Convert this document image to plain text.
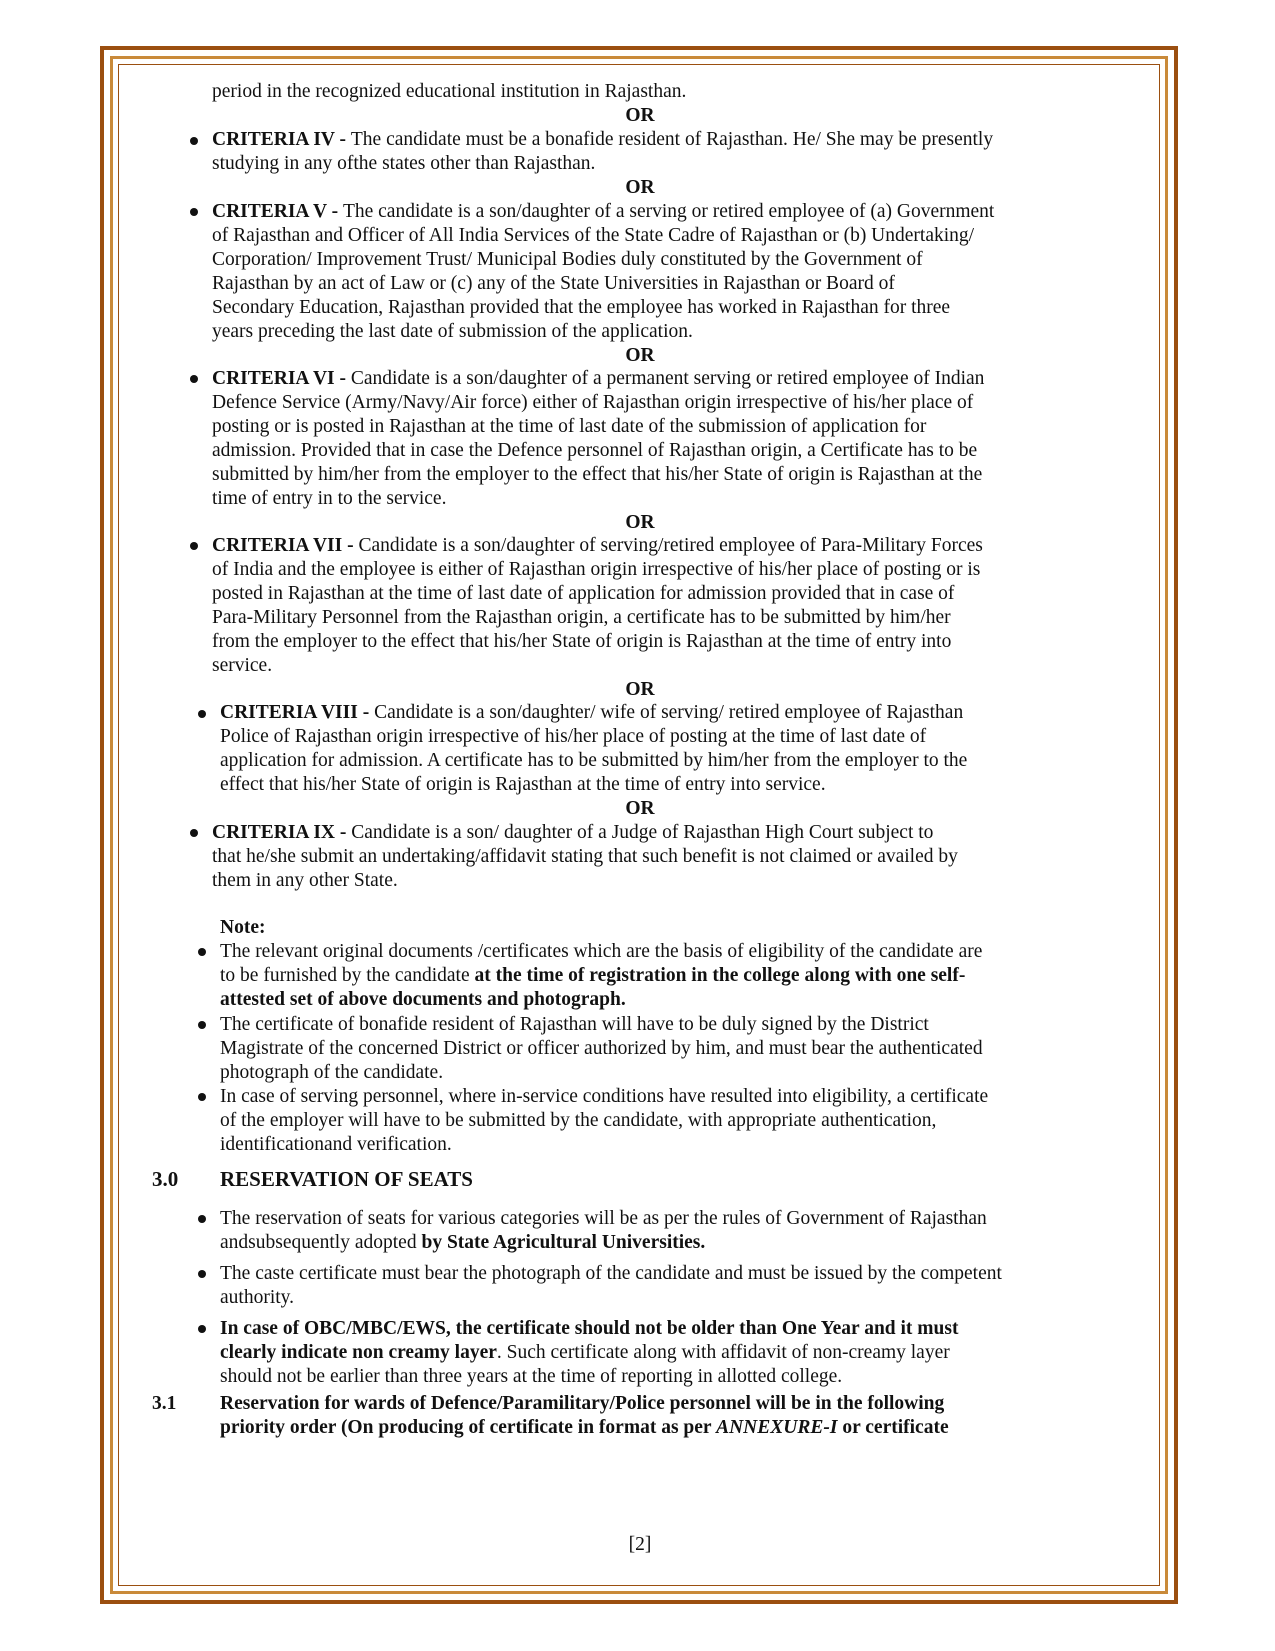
period in the recognized educational institution in Rajasthan.
OR
CRITERIA IV - The candidate must be a bonafide resident of Rajasthan. He/ She may be presently
studying in any ofthe states other than Rajasthan.
OR
CRITERIA V - The candidate is a son/daughter of a serving or retired employee of (a) Government
of Rajasthan and Officer of All India Services of the State Cadre of Rajasthan or (b) Undertaking/
Corporation/ Improvement Trust/ Municipal Bodies duly constituted by the Government of
Rajasthan by an act of Law or (c) any of the State Universities in Rajasthan or Board of
Secondary Education, Rajasthan provided that the employee has worked in Rajasthan for three
years preceding the last date of submission of the application.
OR
CRITERIA VI - Candidate is a son/daughter of a permanent serving or retired employee of Indian
Defence Service (Army/Navy/Air force) either of Rajasthan origin irrespective of his/her place of
posting or is posted in Rajasthan at the time of last date of the submission of application for
admission. Provided that in case the Defence personnel of Rajasthan origin, a Certificate has to be
submitted by him/her from the employer to the effect that his/her State of origin is Rajasthan at the
time of entry in to the service.
OR
CRITERIA VII - Candidate is a son/daughter of serving/retired employee of Para-Military Forces
of India and the employee is either of Rajasthan origin irrespective of his/her place of posting or is
posted in Rajasthan at the time of last date of application for admission provided that in case of
Para-Military Personnel from the Rajasthan origin, a certificate has to be submitted by him/her
from the employer to the effect that his/her State of origin is Rajasthan at the time of entry into
service.
OR
CRITERIA VIII - Candidate is a son/daughter/ wife of serving/ retired employee of Rajasthan
Police of Rajasthan origin irrespective of his/her place of posting at the time of last date of
application for admission. A certificate has to be submitted by him/her from the employer to the
effect that his/her State of origin is Rajasthan at the time of entry into service.
OR
CRITERIA IX - Candidate is a son/ daughter of a Judge of Rajasthan High Court subject to
that he/she submit an undertaking/affidavit stating that such benefit is not claimed or availed by
them in any other State.
Note:
The relevant original documents /certificates which are the basis of eligibility of the candidate are
to be furnished by the candidate at the time of registration in the college along with one self-
attested set of above documents and photograph.
The certificate of bonafide resident of Rajasthan will have to be duly signed by the District
Magistrate of the concerned District or officer authorized by him, and must bear the authenticated
photograph of the candidate.
In case of serving personnel, where in-service conditions have resulted into eligibility, a certificate
of the employer will have to be submitted by the candidate, with appropriate authentication,
identificationand verification.
3.0 RESERVATION OF SEATS
The reservation of seats for various categories will be as per the rules of Government of Rajasthan
andsubsequently adopted by State Agricultural Universities.
The caste certificate must bear the photograph of the candidate and must be issued by the competent
authority.
In case of OBC/MBC/EWS, the certificate should not be older than One Year and it must
clearly indicate non creamy layer. Such certificate along with affidavit of non-creamy layer
should not be earlier than three years at the time of reporting in allotted college.
3.1 Reservation for wards of Defence/Paramilitary/Police personnel will be in the following
priority order (On producing of certificate in format as per ANNEXURE-I or certificate
[2]
